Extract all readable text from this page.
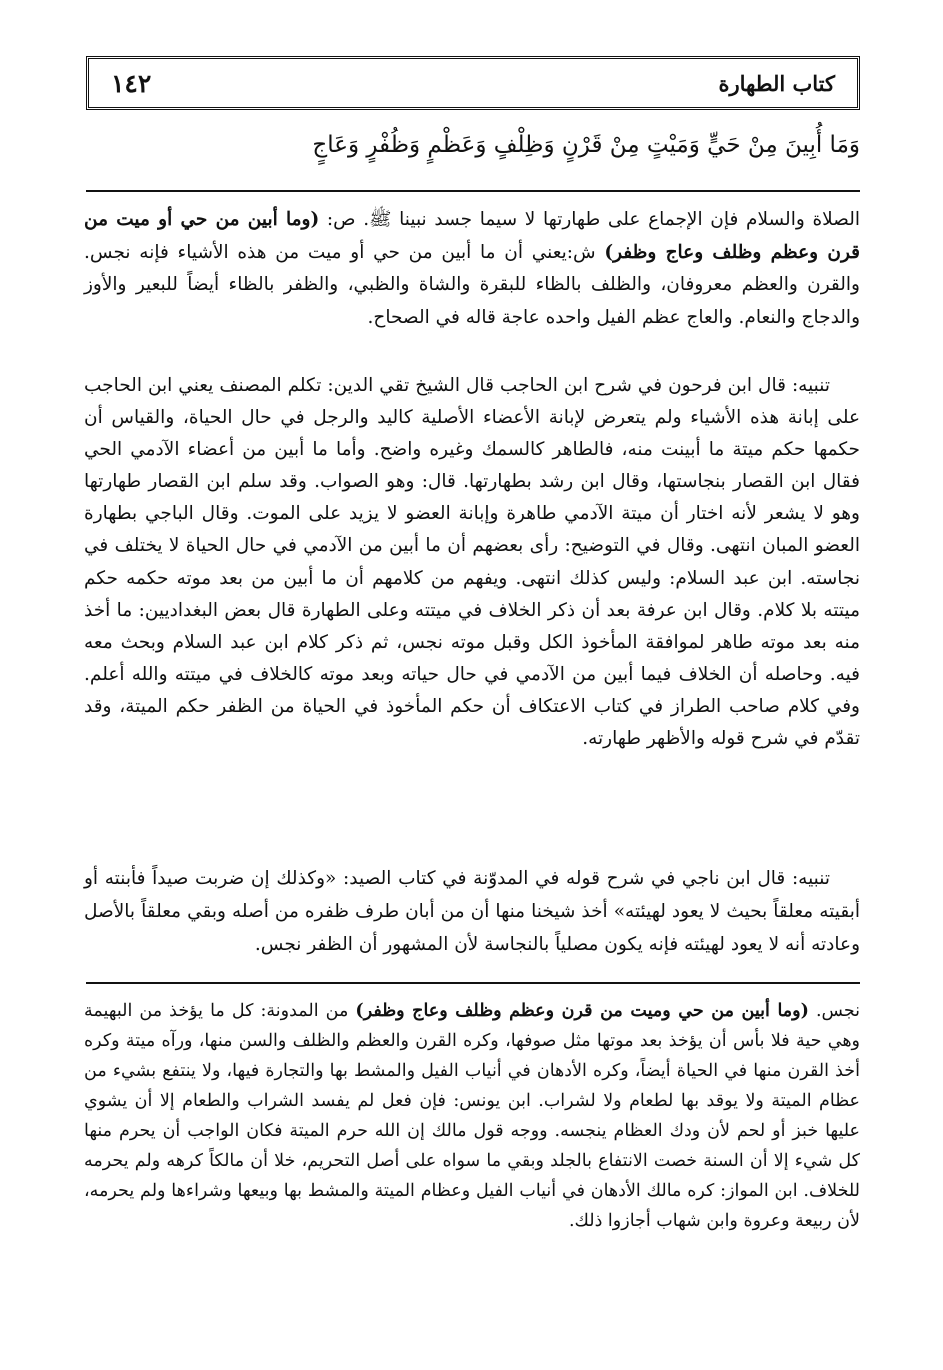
كتاب الطهارة
١٤٢
وَمَا أُبِينَ مِنْ حَيٍّ وَمَيْتٍ مِنْ قَرْنٍ وَظِلْفٍ وَعَظْمٍ وَظُفْرٍ وَعَاجٍ

الصلاة والسلام فإن الإجماع على طهارتها لا سيما جسد نبينا ﷺ. ص: (وما أبين من حي أو ميت من قرن وعظم وظلف وعاج وظفر) ش:يعني أن ما أبين من حي أو ميت من هذه الأشياء فإنه نجس. والقرن والعظم معروفان، والظلف بالظاء للبقرة والشاة والظبي، والظفر بالظاء أيضاً للبعير والأوز والدجاج والنعام. والعاج عظم الفيل واحده عاجة قاله في الصحاح.

تنبيه: قال ابن فرحون في شرح ابن الحاجب قال الشيخ تقي الدين: تكلم المصنف يعني ابن الحاجب على إبانة هذه الأشياء ولم يتعرض لإبانة الأعضاء الأصلية كاليد والرجل في حال الحياة، والقياس أن حكمها حكم ميتة ما أبينت منه، فالطاهر كالسمك وغيره واضح. وأما ما أبين من أعضاء الآدمي الحي فقال ابن القصار بنجاستها، وقال ابن رشد بطهارتها. قال: وهو الصواب. وقد سلم ابن القصار طهارتها وهو لا يشعر لأنه اختار أن ميتة الآدمي طاهرة وإبانة العضو لا يزيد على الموت. وقال الباجي بطهارة العضو المبان انتهى. وقال في التوضيح: رأى بعضهم أن ما أبين من الآدمي في حال الحياة لا يختلف في نجاسته. ابن عبد السلام: وليس كذلك انتهى. ويفهم من كلامهم أن ما أبين من بعد موته حكمه حكم ميتته بلا كلام. وقال ابن عرفة بعد أن ذكر الخلاف في ميتته وعلى الطهارة قال بعض البغداديين: ما أخذ منه بعد موته طاهر لموافقة المأخوذ الكل وقبل موته نجس، ثم ذكر كلام ابن عبد السلام وبحث معه فيه. وحاصله أن الخلاف فيما أبين من الآدمي في حال حياته وبعد موته كالخلاف في ميتته والله أعلم. وفي كلام صاحب الطراز في كتاب الاعتكاف أن حكم المأخوذ في الحياة من الظفر حكم الميتة، وقد تقدّم في شرح قوله والأظهر طهارته.

تنبيه: قال ابن ناجي في شرح قوله في المدوّنة في كتاب الصيد: «وكذلك إن ضربت صيداً فأبنته أو أبقيته معلقاً بحيث لا يعود لهيئته» أخذ شيخنا منها أن من أبان طرف ظفره من أصله وبقي معلقاً بالأصل وعادته أنه لا يعود لهيئته فإنه يكون مصلياً بالنجاسة لأن المشهور أن الظفر نجس.

نجس. (وما أبين من حي وميت من قرن وعظم وظلف وعاج وظفر) من المدونة: كل ما يؤخذ من البهيمة وهي حية فلا بأس أن يؤخذ بعد موتها مثل صوفها، وكره القرن والعظم والظلف والسن منها، ورآه ميتة وكره أخذ القرن منها في الحياة أيضاً، وكره الأدهان في أنياب الفيل والمشط بها والتجارة فيها، ولا ينتفع بشيء من عظام الميتة ولا يوقد بها لطعام ولا لشراب. ابن يونس: فإن فعل لم يفسد الشراب والطعام إلا أن يشوي عليها خبز أو لحم لأن ودك العظام ينجسه. ووجه قول مالك إن الله حرم الميتة فكان الواجب أن يحرم منها كل شيء إلا أن السنة خصت الانتفاع بالجلد وبقي ما سواه على أصل التحريم، خلا أن مالكاً كرهه ولم يحرمه للخلاف. ابن المواز: كره مالك الأدهان في أنياب الفيل وعظام الميتة والمشط بها وبيعها وشراءها ولم يحرمه، لأن ربيعة وعروة وابن شهاب أجازوا ذلك.
